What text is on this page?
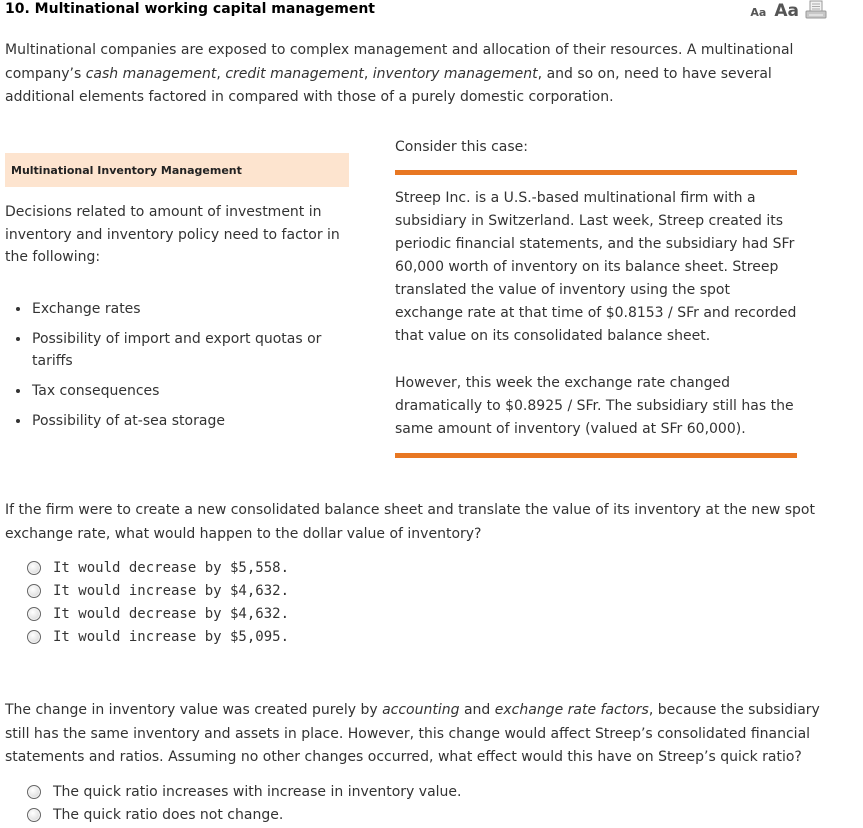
10. Multinational working capital management	Aa Aa
Multinational companies are exposed to complex management and allocation of their resources. A multinational company’s cash management, credit management, inventory management, and so on, need to have several additional elements factored in compared with those of a purely domestic corporation.
Multinational Inventory Management
Decisions related to amount of investment in inventory and inventory policy need to factor in the following:
Exchange rates
Possibility of import and export quotas or tariffs
Tax consequences
Possibility of at-sea storage
Consider this case:
Streep Inc. is a U.S.-based multinational firm with a subsidiary in Switzerland. Last week, Streep created its periodic financial statements, and the subsidiary had SFr 60,000 worth of inventory on its balance sheet. Streep translated the value of inventory using the spot exchange rate at that time of $0.8153 / SFr and recorded that value on its consolidated balance sheet.
However, this week the exchange rate changed dramatically to $0.8925 / SFr. The subsidiary still has the same amount of inventory (valued at SFr 60,000).
If the firm were to create a new consolidated balance sheet and translate the value of its inventory at the new spot exchange rate, what would happen to the dollar value of inventory?
It would decrease by $5,558.
It would increase by $4,632.
It would decrease by $4,632.
It would increase by $5,095.
The change in inventory value was created purely by accounting and exchange rate factors, because the subsidiary still has the same inventory and assets in place. However, this change would affect Streep’s consolidated financial statements and ratios. Assuming no other changes occurred, what effect would this have on Streep’s quick ratio?
The quick ratio increases with increase in inventory value.
The quick ratio does not change.
